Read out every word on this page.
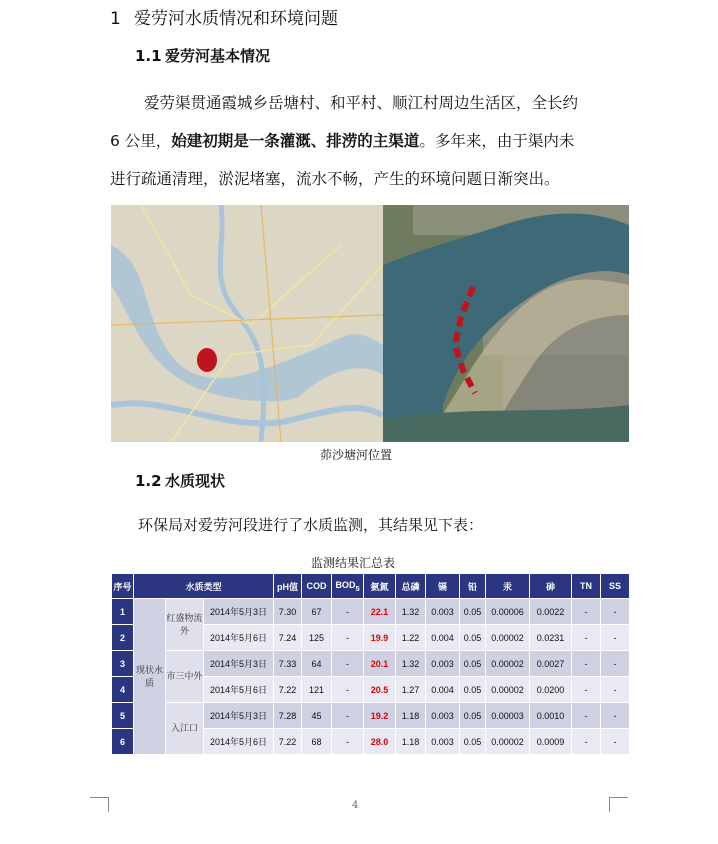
1 爱劳河水质情况和环境问题
1.1 爱劳河基本情况
爱劳渠贯通霞城乡岳塘村、和平村、顺江村周边生活区，全长约
6 公里，始建初期是一条灌溉、排涝的主渠道。多年来，由于渠内未
进行疏通清理，淤泥堵塞，流水不畅，产生的环境问题日渐突出。
茆沙塘河位置
1.2 水质现状
环保局对爱劳河段进行了水质监测，其结果见下表：
监测结果汇总表
序号	水质类型			pH值	COD	$BOD_5$	氨氮	总磷	镉	铅	汞	砷	TN	SS
1	现状水质	红盛物流外	2014年5月3日	7.30	67	-	22.1	1.32	0.003	0.05	0.00006	0.0022	-	-
2			2014年5月6日	7.24	125	-	19.9	1.22	0.004	0.05	0.00002	0.0231	-	-
3		市三中外	2014年5月3日	7.33	64	-	20.1	1.32	0.003	0.05	0.00002	0.0027	-	-
4			2014年5月6日	7.22	121	-	20.5	1.27	0.004	0.05	0.00002	0.0200	-	-
5		入江口	2014年5月3日	7.28	45	-	19.2	1.18	0.003	0.05	0.00003	0.0010	-	-
6			2014年5月6日	7.22	68	-	28.0	1.18	0.003	0.05	0.00002	0.0009	-	-
4
